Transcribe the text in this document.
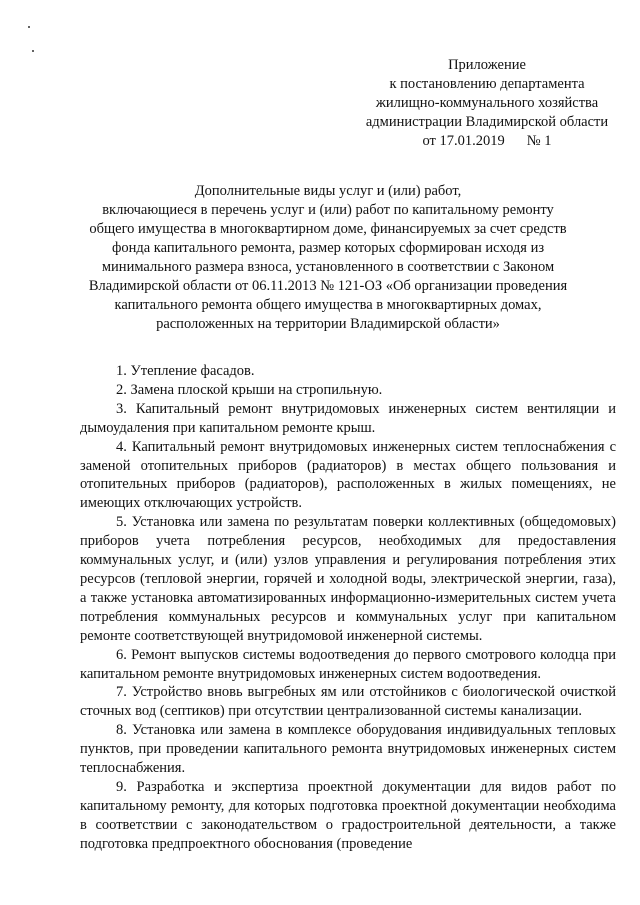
Приложение
к постановлению департамента
жилищно-коммунального хозяйства
администрации Владимирской области
от 17.01.2019 № 1
Дополнительные виды услуг и (или) работ,
включающиеся в перечень услуг и (или) работ по капитальному ремонту
общего имущества в многоквартирном доме, финансируемых за счет средств
фонда капитального ремонта, размер которых сформирован исходя из
минимального размера взноса, установленного в соответствии с Законом
Владимирской области от 06.11.2013 № 121-ОЗ «Об организации проведения
капитального ремонта общего имущества в многоквартирных домах,
расположенных на территории Владимирской области»

1. Утепление фасадов.

2. Замена плоской крыши на стропильную.

3. Капитальный ремонт внутридомовых инженерных систем вентиляции и дымоудаления при капитальном ремонте крыш.

4. Капитальный ремонт внутридомовых инженерных систем теплоснабжения с заменой отопительных приборов (радиаторов) в местах общего пользования и отопительных приборов (радиаторов), расположенных в жилых помещениях, не имеющих отключающих устройств.

5. Установка или замена по результатам поверки коллективных (общедомовых) приборов учета потребления ресурсов, необходимых для предоставления коммунальных услуг, и (или) узлов управления и регулирования потребления этих ресурсов (тепловой энергии, горячей и холодной воды, электрической энергии, газа), а также установка автоматизированных информационно-измерительных систем учета потребления коммунальных ресурсов и коммунальных услуг при капитальном ремонте соответствующей внутридомовой инженерной системы.

6. Ремонт выпусков системы водоотведения до первого смотрового колодца при капитальном ремонте внутридомовых инженерных систем водоотведения.

7. Устройство вновь выгребных ям или отстойников с биологической очисткой сточных вод (септиков) при отсутствии централизованной системы канализации.

8. Установка или замена в комплексе оборудования индивидуальных тепловых пунктов, при проведении капитального ремонта внутридомовых инженерных систем теплоснабжения.

9. Разработка и экспертиза проектной документации для видов работ по капитальному ремонту, для которых подготовка проектной документации необходима в соответствии с законодательством о градостроительной деятельности, а также подготовка предпроектного обоснования (проведение
